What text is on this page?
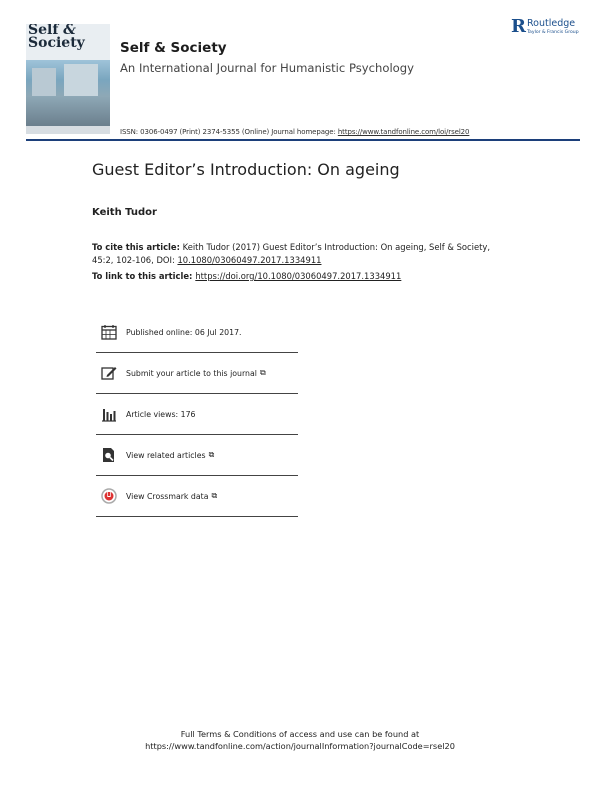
Self &
Society	Self & Society
An International Journal for Humanistic Psychology
ISSN: 0306-0497 (Print) 2374-5355 (Online) Journal homepage: https://www.tandfonline.com/loi/rsel20
R Routledge
Taylor & Francis Group
Guest Editor’s Introduction: On ageing
Keith Tudor
To cite this article: Keith Tudor (2017) Guest Editor’s Introduction: On ageing, Self & Society, 45:2, 102-106, DOI: 10.1080/03060497.2017.1334911
To link to this article: https://doi.org/10.1080/03060497.2017.1334911
Published online: 06 Jul 2017.
Submit your article to this journal ⧉
Article views: 176
View related articles ⧉
View Crossmark data ⧉
Full Terms & Conditions of access and use can be found at
https://www.tandfonline.com/action/journalInformation?journalCode=rsel20
